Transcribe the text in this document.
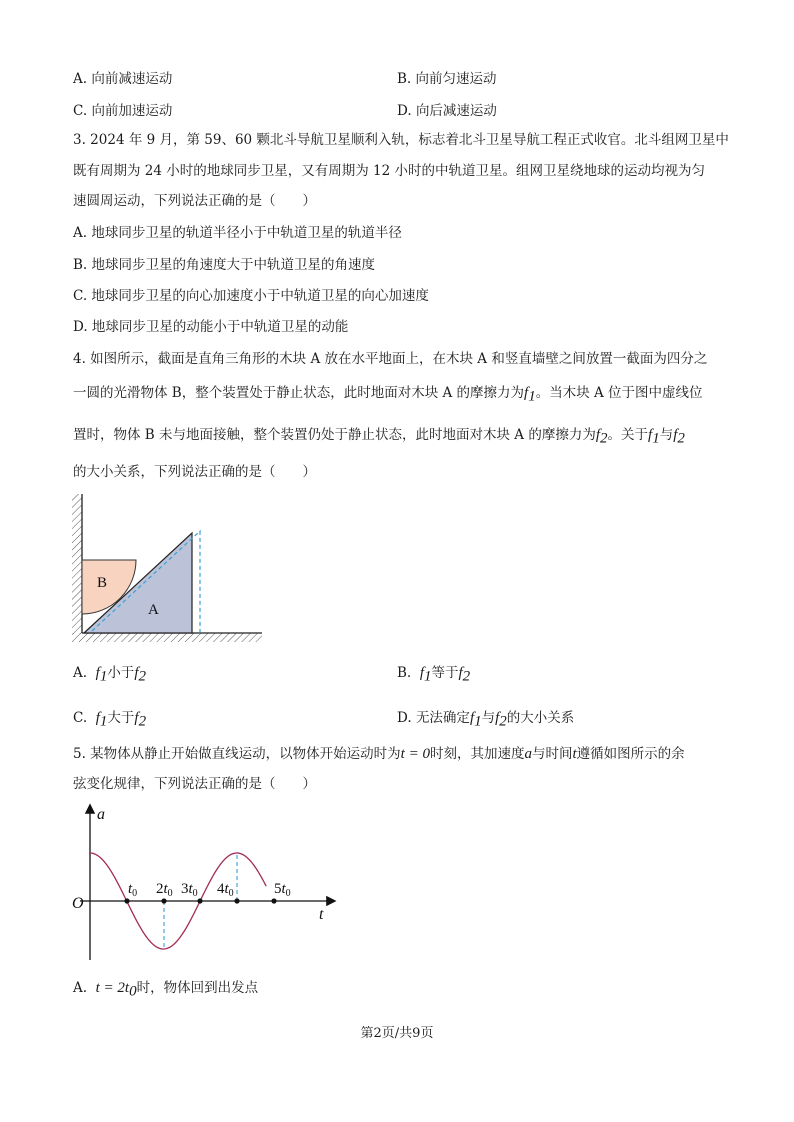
A. 向前减速运动	B. 向前匀速运动
C. 向前加速运动	D. 向后减速运动
3. 2024 年 9 月，第 59、60 颗北斗导航卫星顺利入轨，标志着北斗卫星导航工程正式收官。北斗组网卫星中
既有周期为 24 小时的地球同步卫星，又有周期为 12 小时的中轨道卫星。组网卫星绕地球的运动均视为匀
速圆周运动，下列说法正确的是（　　）
A. 地球同步卫星的轨道半径小于中轨道卫星的轨道半径
B. 地球同步卫星的角速度大于中轨道卫星的角速度
C. 地球同步卫星的向心加速度小于中轨道卫星的向心加速度
D. 地球同步卫星的动能小于中轨道卫星的动能
4. 如图所示，截面是直角三角形的木块 A 放在水平地面上，在木块 A 和竖直墙壁之间放置一截面为四分之
一圆的光滑物体 B，整个装置处于静止状态，此时地面对木块 A 的摩擦力为$f_1$。当木块 A 位于图中虚线位
置时，物体 B 未与地面接触，整个装置仍处于静止状态，此时地面对木块 A 的摩擦力为$f_2$。关于$f_1$与$f_2$
的大小关系，下列说法正确的是（　　）
B
A
A. $f_1$小于$f_2$	B. $f_1$等于$f_2$
C. $f_1$大于$f_2$	D. 无法确定$f_1$与$f_2$的大小关系
5. 某物体从静止开始做直线运动，以物体开始运动时为t = 0时刻，其加速度a与时间t遵循如图所示的余
弦变化规律，下列说法正确的是（　　）
a
t
O
$t_0$ $2t_0$ $3t_0$ $4t_0$	$5t_0$
A. $t = 2t_0$时，物体回到出发点
第2页/共9页
